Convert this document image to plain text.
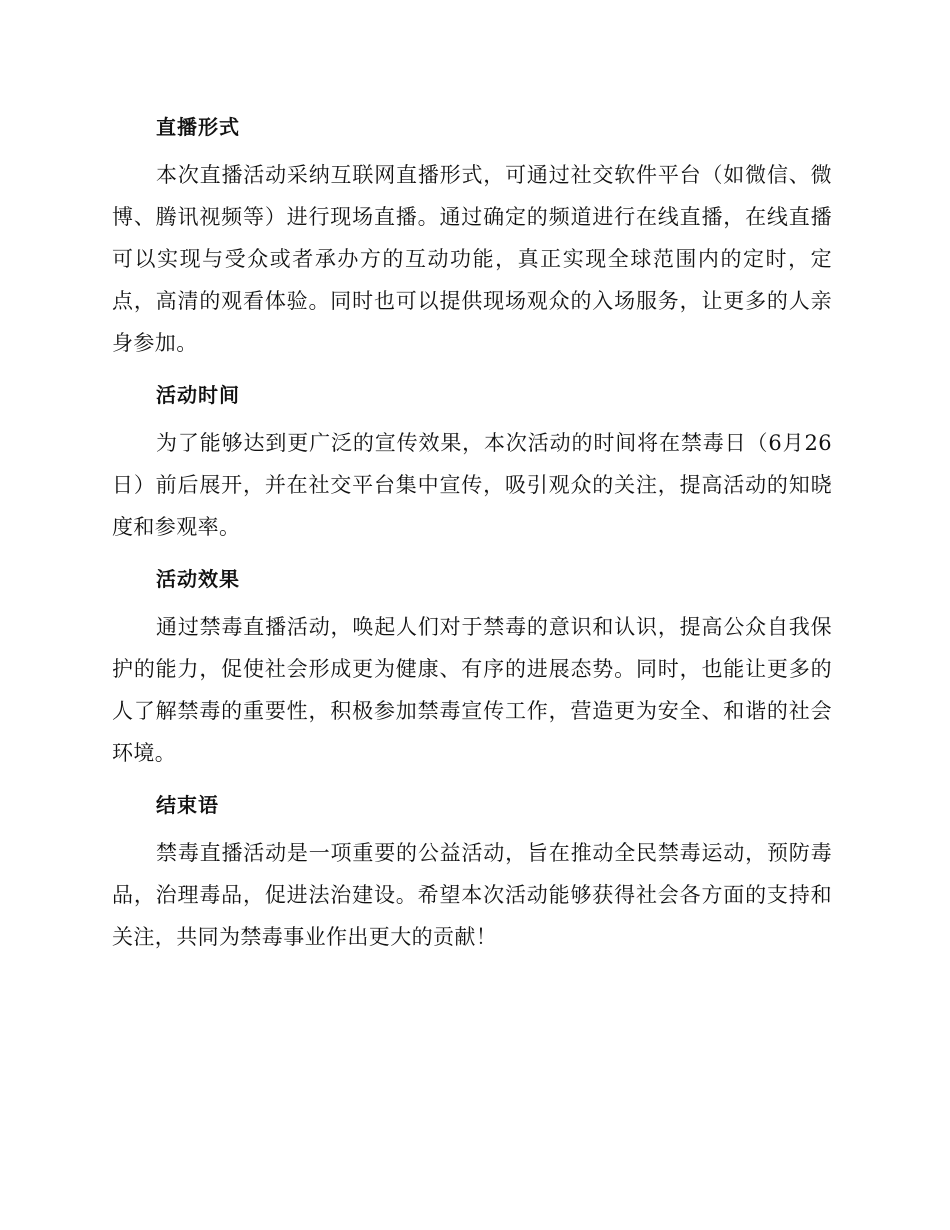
直播形式

本次直播活动采纳互联网直播形式，可通过社交软件平台（如微信、微博、腾讯视频等）进行现场直播。通过确定的频道进行在线直播，在线直播可以实现与受众或者承办方的互动功能，真正实现全球范围内的定时，定点，高清的观看体验。同时也可以提供现场观众的入场服务，让更多的人亲身参加。

活动时间

为了能够达到更广泛的宣传效果，本次活动的时间将在禁毒日（6月26日）前后展开，并在社交平台集中宣传，吸引观众的关注，提高活动的知晓度和参观率。

活动效果

通过禁毒直播活动，唤起人们对于禁毒的意识和认识，提高公众自我保护的能力，促使社会形成更为健康、有序的进展态势。同时，也能让更多的人了解禁毒的重要性，积极参加禁毒宣传工作，营造更为安全、和谐的社会环境。

结束语

禁毒直播活动是一项重要的公益活动，旨在推动全民禁毒运动，预防毒品，治理毒品，促进法治建设。希望本次活动能够获得社会各方面的支持和关注，共同为禁毒事业作出更大的贡献！
